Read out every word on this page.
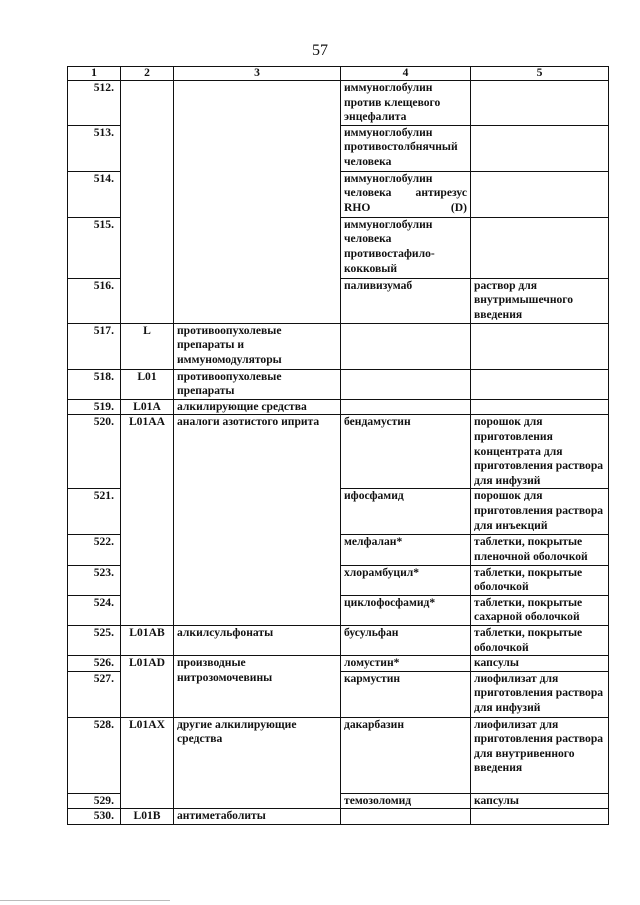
57
1	2	3	4	5
512.			иммуноглобулин против клещевого энцефалита	
513.			иммуноглобулин противостолбнячный человека	
514.			иммуноглобулин человека антирезус RHO (D)	
515.			иммуноглобулин человека противостафило-кокковый	
516.			паливизумаб	раствор для внутримышечного введения
517.	L	противоопухолевые препараты и иммуномодуляторы		
518.	L01	противоопухолевые препараты		
519.	L01A	алкилирующие средства		
520.	L01AA	аналоги азотистого иприта	бендамустин	порошок для приготовления концентрата для приготовления раствора для инфузий
521.			ифосфамид	порошок для приготовления раствора для инъекций
522.			мелфалан*	таблетки, покрытые пленочной оболочкой
523.			хлорамбуцил*	таблетки, покрытые оболочкой
524.			циклофосфамид*	таблетки, покрытые сахарной оболочкой
525.	L01AB	алкилсульфонаты	бусульфан	таблетки, покрытые оболочкой
526.	L01AD	производные нитрозомочевины	ломустин*	капсулы
527.			кармустин	лиофилизат для приготовления раствора для инфузий
528.	L01AX	другие алкилирующие средства	дакарбазин	лиофилизат для приготовления раствора для внутривенного введения
529.			темозоломид	капсулы
530.	L01B	антиметаболиты		
